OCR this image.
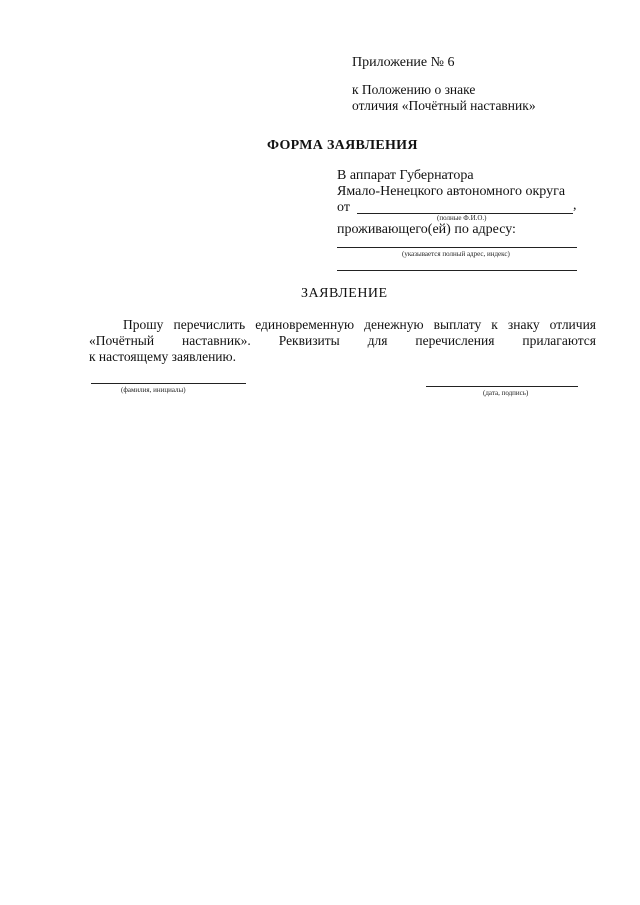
Приложение № 6
к Положению о знаке
отличия «Почётный наставник»
ФОРМА ЗАЯВЛЕНИЯ
В аппарат Губернатора
Ямало-Ненецкого автономного округа
от	,
(полные Ф.И.О.)
проживающего(ей) по адресу:
(указывается полный адрес, индекс)
ЗАЯВЛЕНИЕ
Прошу перечислить единовременную денежную выплату к знаку отличия
«Почётный наставник». Реквизиты для перечисления прилагаются
к настоящему заявлению.
(фамилия, инициалы)	(дата, подпись)
